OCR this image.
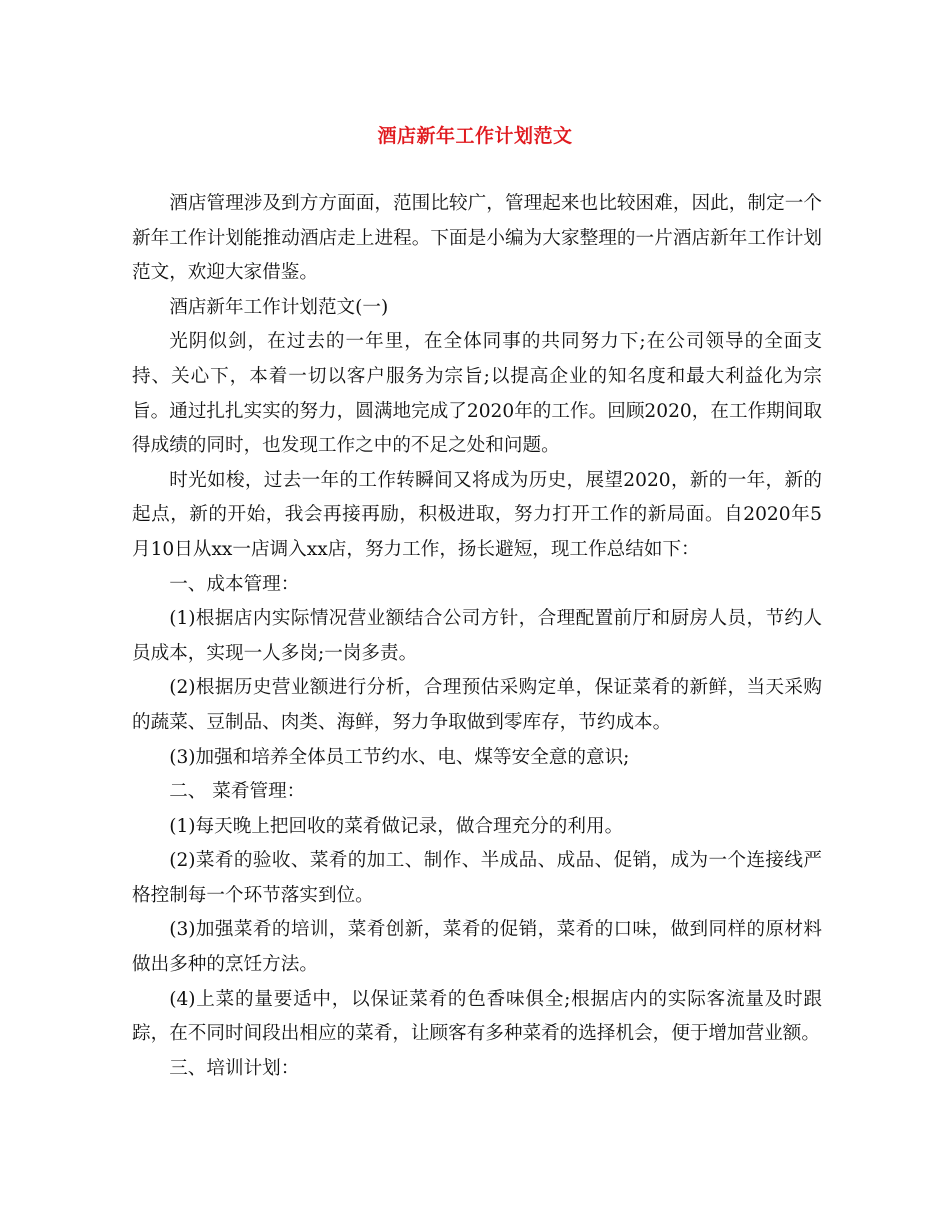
酒店新年工作计划范文

酒店管理涉及到方方面面，范围比较广，管理起来也比较困难，因此，制定一个新年工作计划能推动酒店走上进程。下面是小编为大家整理的一片酒店新年工作计划范文，欢迎大家借鉴。

酒店新年工作计划范文(一)

光阴似剑，在过去的一年里，在全体同事的共同努力下;在公司领导的全面支持、关心下，本着一切以客户服务为宗旨;以提高企业的知名度和最大利益化为宗旨。通过扎扎实实的努力，圆满地完成了2020年的工作。回顾2020，在工作期间取得成绩的同时，也发现工作之中的不足之处和问题。

时光如梭，过去一年的工作转瞬间又将成为历史，展望2020，新的一年，新的起点，新的开始，我会再接再励，积极进取，努力打开工作的新局面。自2020年5月10日从xx一店调入xx店，努力工作，扬长避短，现工作总结如下：

一、成本管理：

(1)根据店内实际情况营业额结合公司方针，合理配置前厅和厨房人员，节约人员成本，实现一人多岗;一岗多责。

(2)根据历史营业额进行分析，合理预估采购定单，保证菜肴的新鲜，当天采购的蔬菜、豆制品、肉类、海鲜，努力争取做到零库存，节约成本。

(3)加强和培养全体员工节约水、电、煤等安全意的意识;

二、 菜肴管理：

(1)每天晚上把回收的菜肴做记录，做合理充分的利用。

(2)菜肴的验收、菜肴的加工、制作、半成品、成品、促销，成为一个连接线严格控制每一个环节落实到位。

(3)加强菜肴的培训，菜肴创新，菜肴的促销，菜肴的口味，做到同样的原材料做出多种的烹饪方法。

(4)上菜的量要适中，以保证菜肴的色香味俱全;根据店内的实际客流量及时跟踪，在不同时间段出相应的菜肴，让顾客有多种菜肴的选择机会，便于增加营业额。

三、培训计划：
